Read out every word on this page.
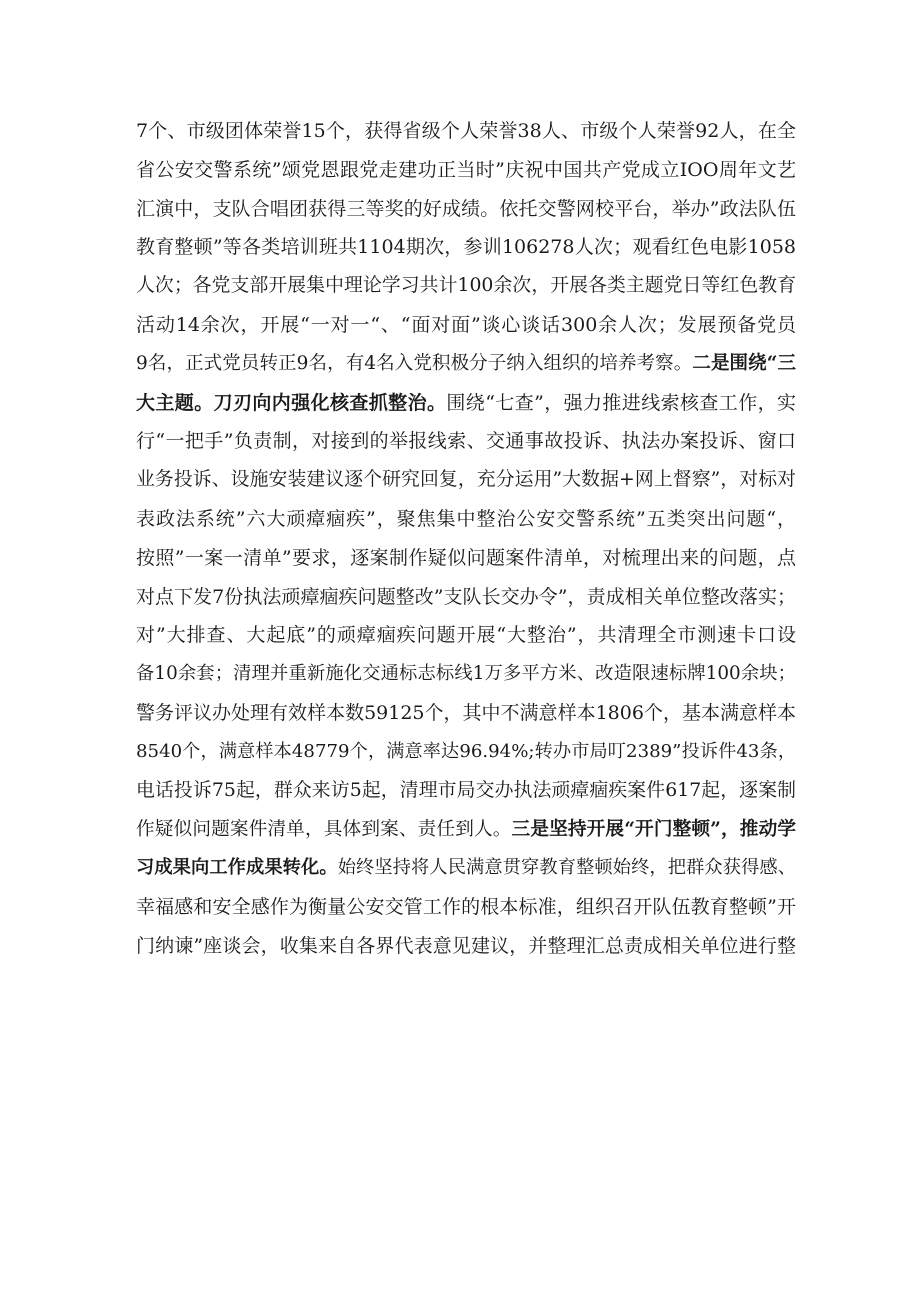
7个、市级团体荣誉15个，获得省级个人荣誉38人、市级个人荣誉92人，在全
省公安交警系统”颂党恩跟党走建功正当时”庆祝中国共产党成立IOO周年文艺
汇演中，支队合唱团获得三等奖的好成绩。依托交警网校平台，举办”政法队伍
教育整顿”等各类培训班共1104期次，参训106278人次；观看红色电影1058
人次；各党支部开展集中理论学习共计100余次，开展各类主题党日等红色教育
活动14余次，开展“一对一“、“面对面”谈心谈话300余人次；发展预备党员
9名，正式党员转正9名，有4名入党积极分子纳入组织的培养考察。二是围绕“三
大主题。刀刃向内强化核查抓整治。围绕“七查”，强力推进线索核查工作，实
行“一把手”负责制，对接到的举报线索、交通事故投诉、执法办案投诉、窗口
业务投诉、设施安装建议逐个研究回复，充分运用”大数据+网上督察”，对标对
表政法系统”六大顽瘴痼疾”，聚焦集中整治公安交警系统”五类突出问题“，
按照”一案一清单”要求，逐案制作疑似问题案件清单，对梳理出来的问题，点
对点下发7份执法顽瘴痼疾问题整改”支队长交办令”，责成相关单位整改落实；
对”大排查、大起底”的顽瘴痼疾问题开展“大整治”，共清理全市测速卡口设
备10余套；清理并重新施化交通标志标线1万多平方米、改造限速标牌100余块；
警务评议办处理有效样本数59125个，其中不满意样本1806个，基本满意样本
8540个，满意样本48779个，满意率达96.94%;转办市局叮2389”投诉件43条，
电话投诉75起，群众来访5起，清理市局交办执法顽瘴痼疾案件617起，逐案制
作疑似问题案件清单，具体到案、责任到人。三是坚持开展“开门整顿”，推动学
习成果向工作成果转化。始终坚持将人民满意贯穿教育整顿始终，把群众获得感、
幸福感和安全感作为衡量公安交管工作的根本标准，组织召开队伍教育整顿”开
门纳谏”座谈会，收集来自各界代表意见建议，并整理汇总责成相关单位进行整
